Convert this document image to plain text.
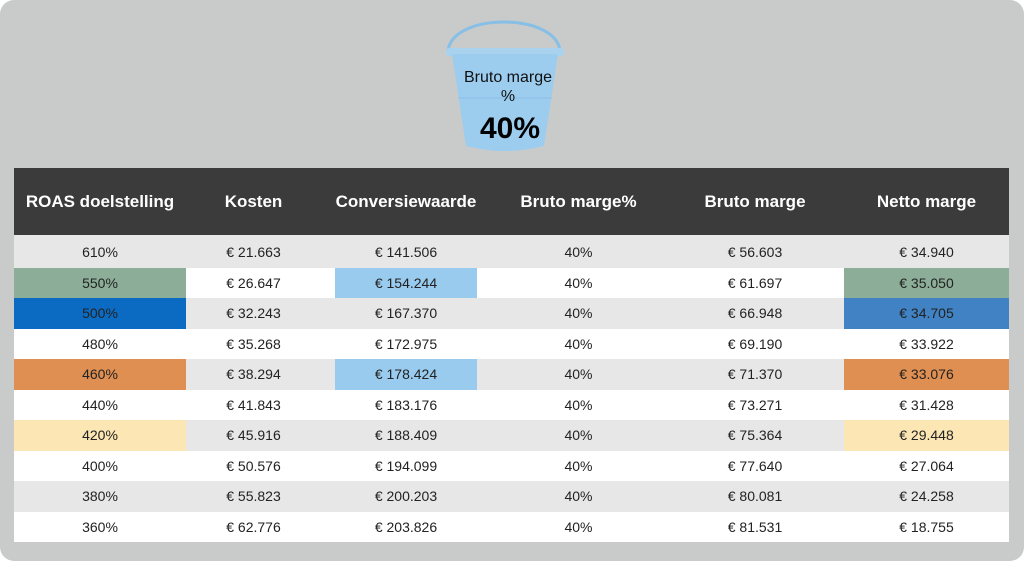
Bruto marge %
40%
ROAS doelstelling	Kosten	Conversiewaarde	Bruto marge%	Bruto marge	Netto marge
610%	€ 21.663	€ 141.506	40%	€ 56.603	€ 34.940
550%	€ 26.647	€ 154.244	40%	€ 61.697	€ 35.050
500%	€ 32.243	€ 167.370	40%	€ 66.948	€ 34.705
480%	€ 35.268	€ 172.975	40%	€ 69.190	€ 33.922
460%	€ 38.294	€ 178.424	40%	€ 71.370	€ 33.076
440%	€ 41.843	€ 183.176	40%	€ 73.271	€ 31.428
420%	€ 45.916	€ 188.409	40%	€ 75.364	€ 29.448
400%	€ 50.576	€ 194.099	40%	€ 77.640	€ 27.064
380%	€ 55.823	€ 200.203	40%	€ 80.081	€ 24.258
360%	€ 62.776	€ 203.826	40%	€ 81.531	€ 18.755
